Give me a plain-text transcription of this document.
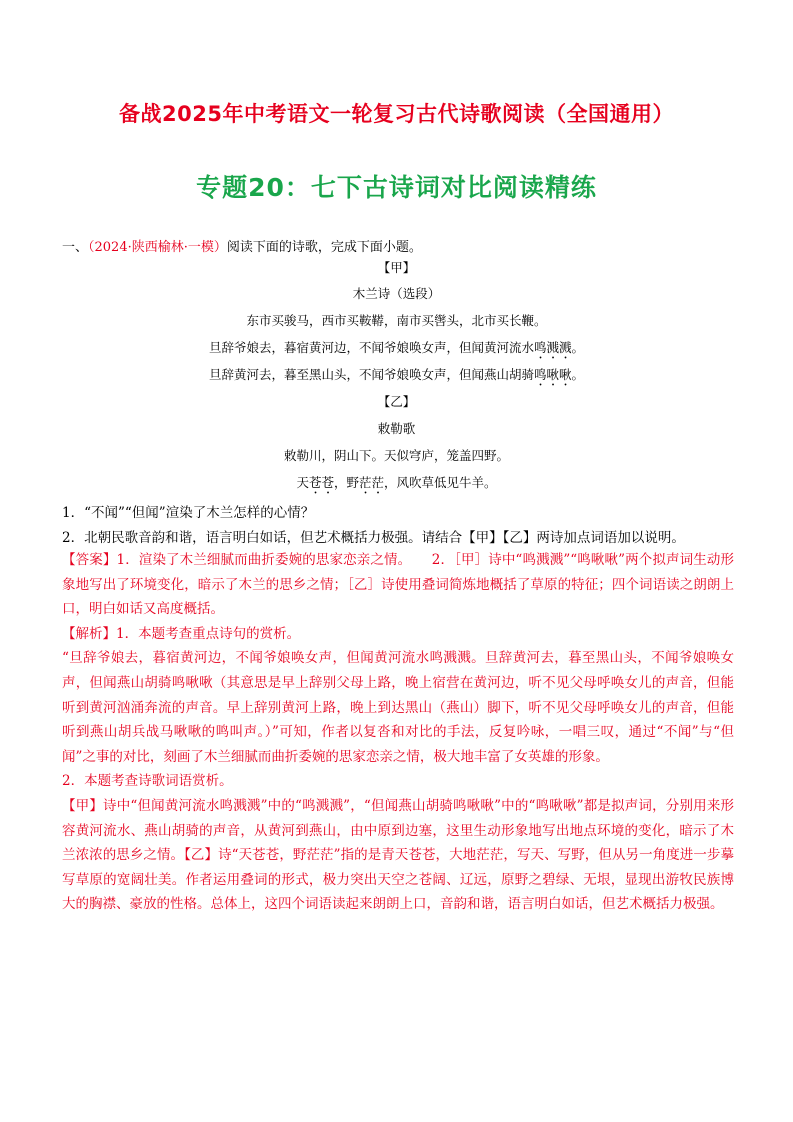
备战2025年中考语文一轮复习古代诗歌阅读（全国通用）
专题20：七下古诗词对比阅读精练
一、（2024·陕西榆林·一模）阅读下面的诗歌，完成下面小题。
【甲】
木兰诗（选段）
东市买骏马，西市买鞍鞯，南市买辔头，北市买长鞭。
旦辞爷娘去，暮宿黄河边，不闻爷娘唤女声，但闻黄河流水鸣溅溅。
旦辞黄河去，暮至黑山头，不闻爷娘唤女声，但闻燕山胡骑鸣啾啾。
【乙】
敕勒歌
敕勒川，阴山下。天似穹庐，笼盖四野。
天苍苍，野茫茫，风吹草低见牛羊。
1．“不闻”“但闻”渲染了木兰怎样的心情？
2．北朝民歌音韵和谐，语言明白如话，但艺术概括力极强。请结合【甲】【乙】两诗加点词语加以说明。

【答案】1．渲染了木兰细腻而曲折委婉的思家恋亲之情。　　2．［甲］诗中“鸣溅溅”“鸣啾啾”两个拟声词生动形象地写出了环境变化，暗示了木兰的思乡之情；［乙］诗使用叠词简炼地概括了草原的特征；四个词语读之朗朗上口，明白如话又高度概括。

【解析】1．本题考查重点诗句的赏析。

“旦辞爷娘去，暮宿黄河边，不闻爷娘唤女声，但闻黄河流水鸣溅溅。旦辞黄河去，暮至黑山头，不闻爷娘唤女声，但闻燕山胡骑鸣啾啾（其意思是早上辞别父母上路，晚上宿营在黄河边，听不见父母呼唤女儿的声音，但能听到黄河汹涌奔流的声音。早上辞别黄河上路，晚上到达黑山（燕山）脚下，听不见父母呼唤女儿的声音，但能听到燕山胡兵战马啾啾的鸣叫声。）”可知，作者以复沓和对比的手法，反复吟咏，一唱三叹，通过“不闻”与“但闻”之事的对比，刻画了木兰细腻而曲折委婉的思家恋亲之情，极大地丰富了女英雄的形象。

2．本题考查诗歌词语赏析。

【甲】诗中“但闻黄河流水鸣溅溅”中的“鸣溅溅”，“但闻燕山胡骑鸣啾啾”中的“鸣啾啾”都是拟声词，分别用来形容黄河流水、燕山胡骑的声音，从黄河到燕山，由中原到边塞，这里生动形象地写出地点环境的变化，暗示了木兰浓浓的思乡之情。【乙】诗“天苍苍，野茫茫”指的是青天苍苍，大地茫茫，写天、写野，但从另一角度进一步摹写草原的宽阔壮美。作者运用叠词的形式，极力突出天空之苍阔、辽远，原野之碧绿、无垠，显现出游牧民族博大的胸襟、豪放的性格。总体上，这四个词语读起来朗朗上口，音韵和谐，语言明白如话，但艺术概括力极强。
